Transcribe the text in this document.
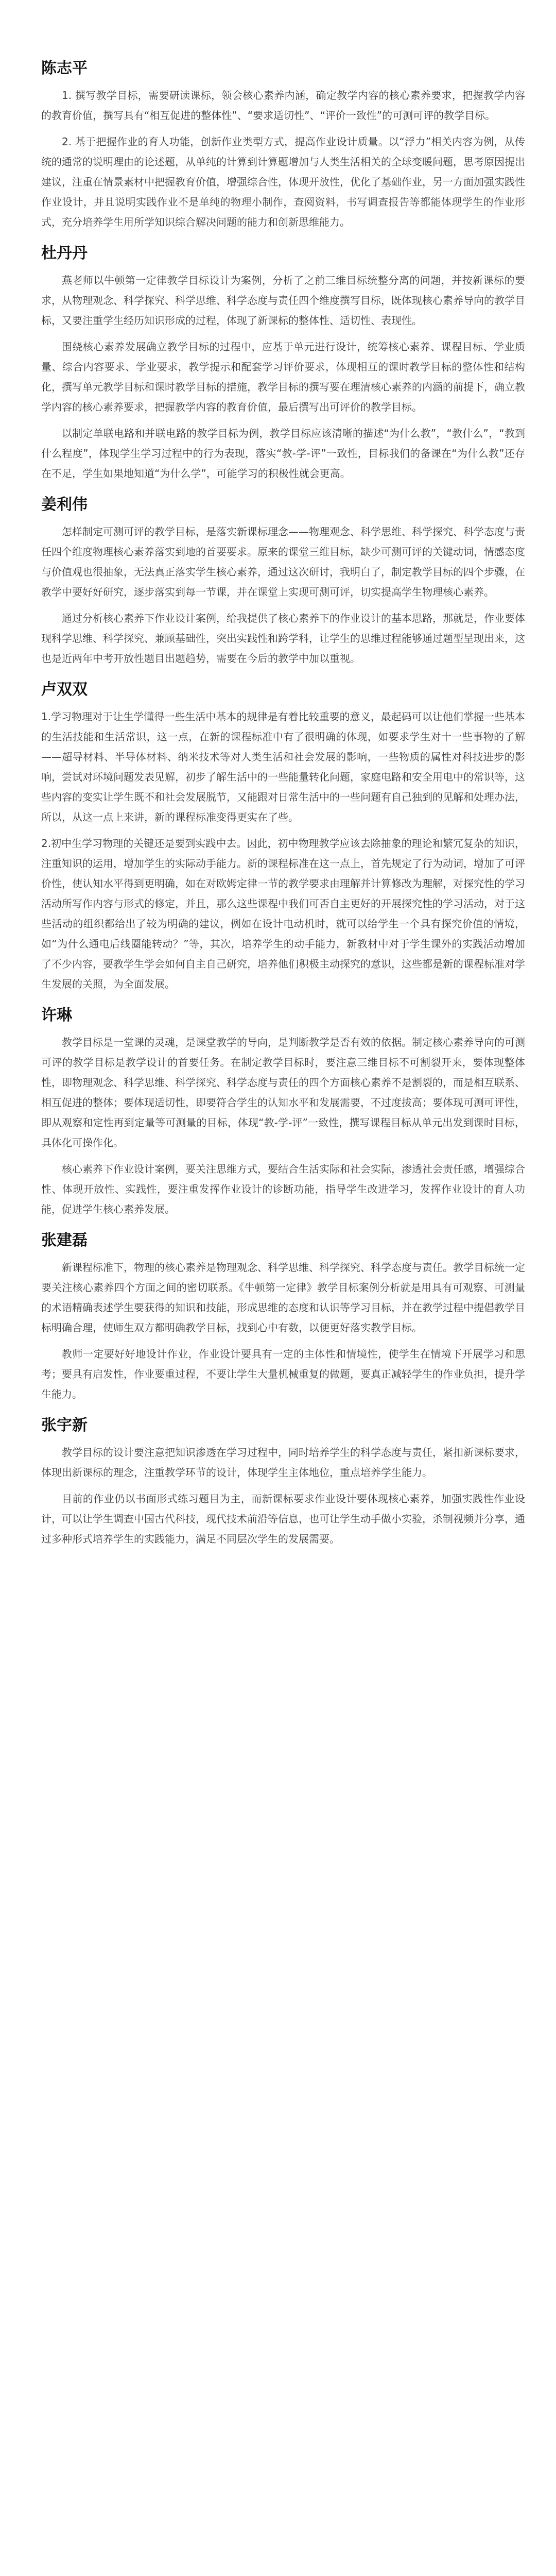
陈志平

1. 撰写教学目标，需要研读课标，领会核心素养内涵，确定教学内容的核心素养要求，把握教学内容的教育价值，撰写具有“相互促进的整体性”、“要求适切性”、“评价一致性”的可测可评的教学目标。

2. 基于把握作业的育人功能，创新作业类型方式，提高作业设计质量。以“浮力”相关内容为例，从传统的通常的说明理由的论述题，从单纯的计算到计算题增加与人类生活相关的全球变暖问题，思考原因提出建议，注重在情景素材中把握教育价值，增强综合性，体现开放性，优化了基础作业，另一方面加强实践性作业设计，并且说明实践作业不是单纯的物理小制作，查阅资料，书写调查报告等都能体现学生的作业形式，充分培养学生用所学知识综合解决问题的能力和创新思维能力。

杜丹丹

燕老师以牛顿第一定律教学目标设计为案例，分析了之前三维目标统整分离的问题，并按新课标的要求，从物理观念、科学探究、科学思维、科学态度与责任四个维度撰写目标，既体现核心素养导向的教学目标，又要注重学生经历知识形成的过程，体现了新课标的整体性、适切性、表现性。

围绕核心素养发展确立教学目标的过程中，应基于单元进行设计，统筹核心素养、课程目标、学业质量、综合内容要求、学业要求，教学提示和配套学习评价要求，体现相互的课时教学目标的整体性和结构化，撰写单元教学目标和课时教学目标的措施，教学目标的撰写要在理清核心素养的内涵的前提下，确立教学内容的核心素养要求，把握教学内容的教育价值，最后撰写出可评价的教学目标。

以制定单联电路和并联电路的教学目标为例，教学目标应该清晰的描述“为什么教”，“教什么”，“教到什么程度”，体现学生学习过程中的行为表现，落实“教-学-评”一致性，目标我们的备课在“为什么教”还存在不足，学生如果地知道“为什么学”，可能学习的积极性就会更高。

姜利伟

怎样制定可测可评的教学目标，是落实新课标理念——物理观念、科学思维、科学探究、科学态度与责任四个维度物理核心素养落实到地的首要要求。原来的课堂三维目标，缺少可测可评的关键动词，情感态度与价值观也很抽象，无法真正落实学生核心素养，通过这次研讨，我明白了，制定教学目标的四个步骤，在教学中要好好研究，逐步落实到每一节课，并在课堂上实现可测可评，切实提高学生物理核心素养。

通过分析核心素养下作业设计案例，给我提供了核心素养下的作业设计的基本思路，那就是，作业要体现科学思维、科学探究、兼顾基础性，突出实践性和跨学科，让学生的思维过程能够通过题型呈现出来，这也是近两年中考开放性题目出题趋势，需要在今后的教学中加以重视。

卢双双

1.学习物理对于让生学懂得一些生活中基本的规律是有着比较重要的意义，最起码可以让他们掌握一些基本的生活技能和生活常识，这一点，在新的课程标准中有了很明确的体现，如要求学生对十一些事物的了解——超导材料、半导体材料、纳米技术等对人类生活和社会发展的影响，一些物质的属性对科技进步的影响，尝试对环境问题发表见解，初步了解生活中的一些能量转化问题，家庭电路和安全用电中的常识等，这些内容的变实让学生既不和社会发展脱节，又能跟对日常生活中的一些问题有自己独到的见解和处理办法，所以，从这一点上来讲，新的课程标准变得更实在了些。

2.初中生学习物理的关键还是要到实践中去。因此，初中物理教学应该去除抽象的理论和繁冗复杂的知识，注重知识的运用，增加学生的实际动手能力。新的课程标准在这一点上，首先规定了行为动词，增加了可评价性，使认知水平得到更明确，如在对欧姆定律一节的教学要求由理解并计算修改为理解，对探究性的学习活动所写作内容与形式的修定，并且，那么这些课程中我们可否自主更好的开展探究性的学习活动，对于这些活动的组织都给出了较为明确的建议，例如在设计电动机时，就可以给学生一个具有探究价值的情境，如“为什么通电后线圈能转动？”等，其次，培养学生的动手能力，新教材中对于学生课外的实践活动增加了不少内容，要教学生学会如何自主自己研究，培养他们积极主动探究的意识，这些都是新的课程标准对学生发展的关照，为全面发展。

许琳

教学目标是一堂课的灵魂，是课堂教学的导向，是判断教学是否有效的依据。制定核心素养导向的可测可评的教学目标是教学设计的首要任务。在制定教学目标时，要注意三维目标不可割裂开来，要体现整体性，即物理观念、科学思维、科学探究、科学态度与责任的四个方面核心素养不是割裂的，而是相互联系、相互促进的整体；要体现适切性，即要符合学生的认知水平和发展需要，不过度拔高；要体现可测可评性，即从观察和定性再到定量等可测量的目标，体现“教-学-评”一致性，撰写课程目标从单元出发到课时目标，具体化可操作化。

核心素养下作业设计案例，要关注思维方式，要结合生活实际和社会实际，渗透社会责任感，增强综合性、体现开放性、实践性，要注重发挥作业设计的诊断功能，指导学生改进学习，发挥作业设计的育人功能，促进学生核心素养发展。

张建磊

新课程标准下，物理的核心素养是物理观念、科学思维、科学探究、科学态度与责任。教学目标统一定要关注核心素养四个方面之间的密切联系。《牛顿第一定律》教学目标案例分析就是用具有可观察、可测量的术语精确表述学生要获得的知识和技能，形成思维的态度和认识等学习目标，并在教学过程中提倡教学目标明确合理，使师生双方都明确教学目标，找到心中有数，以便更好落实教学目标。

教师一定要好好地设计作业，作业设计要具有一定的主体性和情境性，使学生在情境下开展学习和思考；要具有启发性，作业要重过程，不要让学生大量机械重复的做题，要真正减轻学生的作业负担，提升学生能力。

张宇新

教学目标的设计要注意把知识渗透在学习过程中，同时培养学生的科学态度与责任，紧扣新课标要求，体现出新课标的理念，注重教学环节的设计，体现学生主体地位，重点培养学生能力。

目前的作业仍以书面形式练习题目为主，而新课标要求作业设计要体现核心素养，加强实践性作业设计，可以让学生调查中国古代科技，现代技术前沿等信息，也可让学生动手做小实验，杀制视频并分享，通过多种形式培养学生的实践能力，满足不同层次学生的发展需要。
